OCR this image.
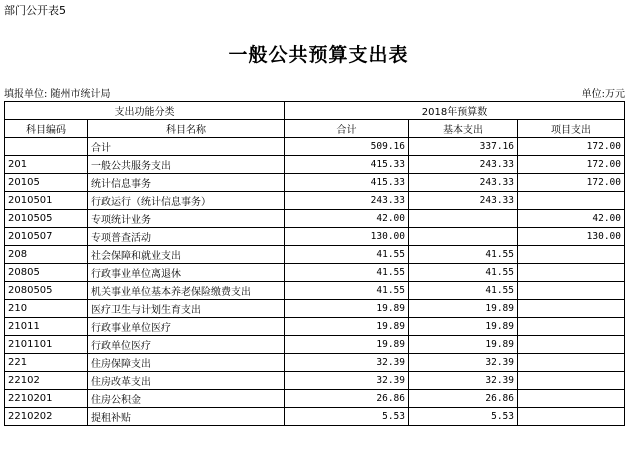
部门公开表5
一般公共预算支出表
填报单位: 随州市统计局	单位:万元
支出功能分类		2018年预算数		
科目编码	科目名称	合计	基本支出	项目支出
	合计	509.16	337.16	172.00
201	一般公共服务支出	415.33	243.33	172.00
20105	统计信息事务	415.33	243.33	172.00
2010501	行政运行（统计信息事务）	243.33	243.33	
2010505	专项统计业务	42.00		42.00
2010507	专项普查活动	130.00		130.00
208	社会保障和就业支出	41.55	41.55	
20805	行政事业单位离退休	41.55	41.55	
2080505	机关事业单位基本养老保险缴费支出	41.55	41.55	
210	医疗卫生与计划生育支出	19.89	19.89	
21011	行政事业单位医疗	19.89	19.89	
2101101	行政单位医疗	19.89	19.89	
221	住房保障支出	32.39	32.39	
22102	住房改革支出	32.39	32.39	
2210201	住房公积金	26.86	26.86	
2210202	提租补贴	5.53	5.53	
